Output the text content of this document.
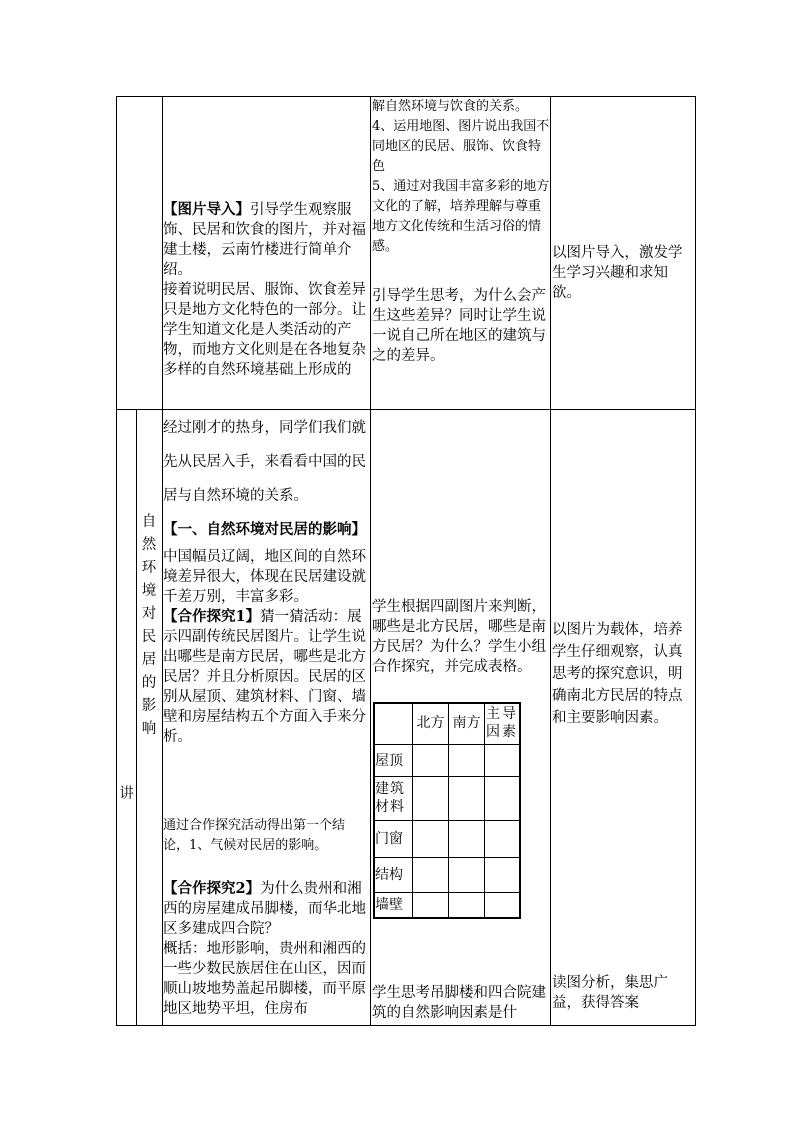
【图片导入】引导学生观察服饰、民居和饮食的图片，并对福建土楼，云南竹楼进行简单介绍。

接着说明民居、服饰、饮食差异只是地方文化特色的一部分。让学生知道文化是人类活动的产物，而地方文化则是在各地复杂多样的自然环境基础上形成的

解自然环境与饮食的关系。

4、运用地图、图片说出我国不同地区的民居、服饰、饮食特色

5、通过对我国丰富多彩的地方文化的了解，培养理解与尊重地方文化传统和生活习俗的情感。

引导学生思考，为什么会产生这些差异？同时让学生说一说自己所在地区的建筑与之的差异。

以图片导入，激发学生学习兴趣和求知欲。

讲
自
然
环
境
对
民
居
的
影
响

经过刚才的热身，同学们我们就先从民居入手，来看看中国的民居与自然环境的关系。

【一、自然环境对民居的影响】

中国幅员辽阔，地区间的自然环境差异很大，体现在民居建设就千差万别，丰富多彩。

【合作探究1】猜一猜活动：展示四副传统民居图片。让学生说出哪些是南方民居，哪些是北方民居？并且分析原因。民居的区别从屋顶、建筑材料、门窗、墙壁和房屋结构五个方面入手来分析。

通过合作探究活动得出第一个结论，1、气候对民居的影响。

【合作探究2】为什么贵州和湘西的房屋建成吊脚楼，而华北地区多建成四合院？

概括：地形影响，贵州和湘西的一些少数民族居住在山区，因而顺山坡地势盖起吊脚楼，而平原地区地势平坦，住房布

学生根据四副图片来判断，哪些是北方民居，哪些是南方民居？为什么？学生小组合作探究，并完成表格。

北方 南方
主导因素
屋顶
建筑材料
门窗
结构
墙壁

学生思考吊脚楼和四合院建筑的自然影响因素是什

以图片为载体，培养学生仔细观察，认真思考的探究意识，明确南北方民居的特点和主要影响因素。

读图分析，集思广益，获得答案
